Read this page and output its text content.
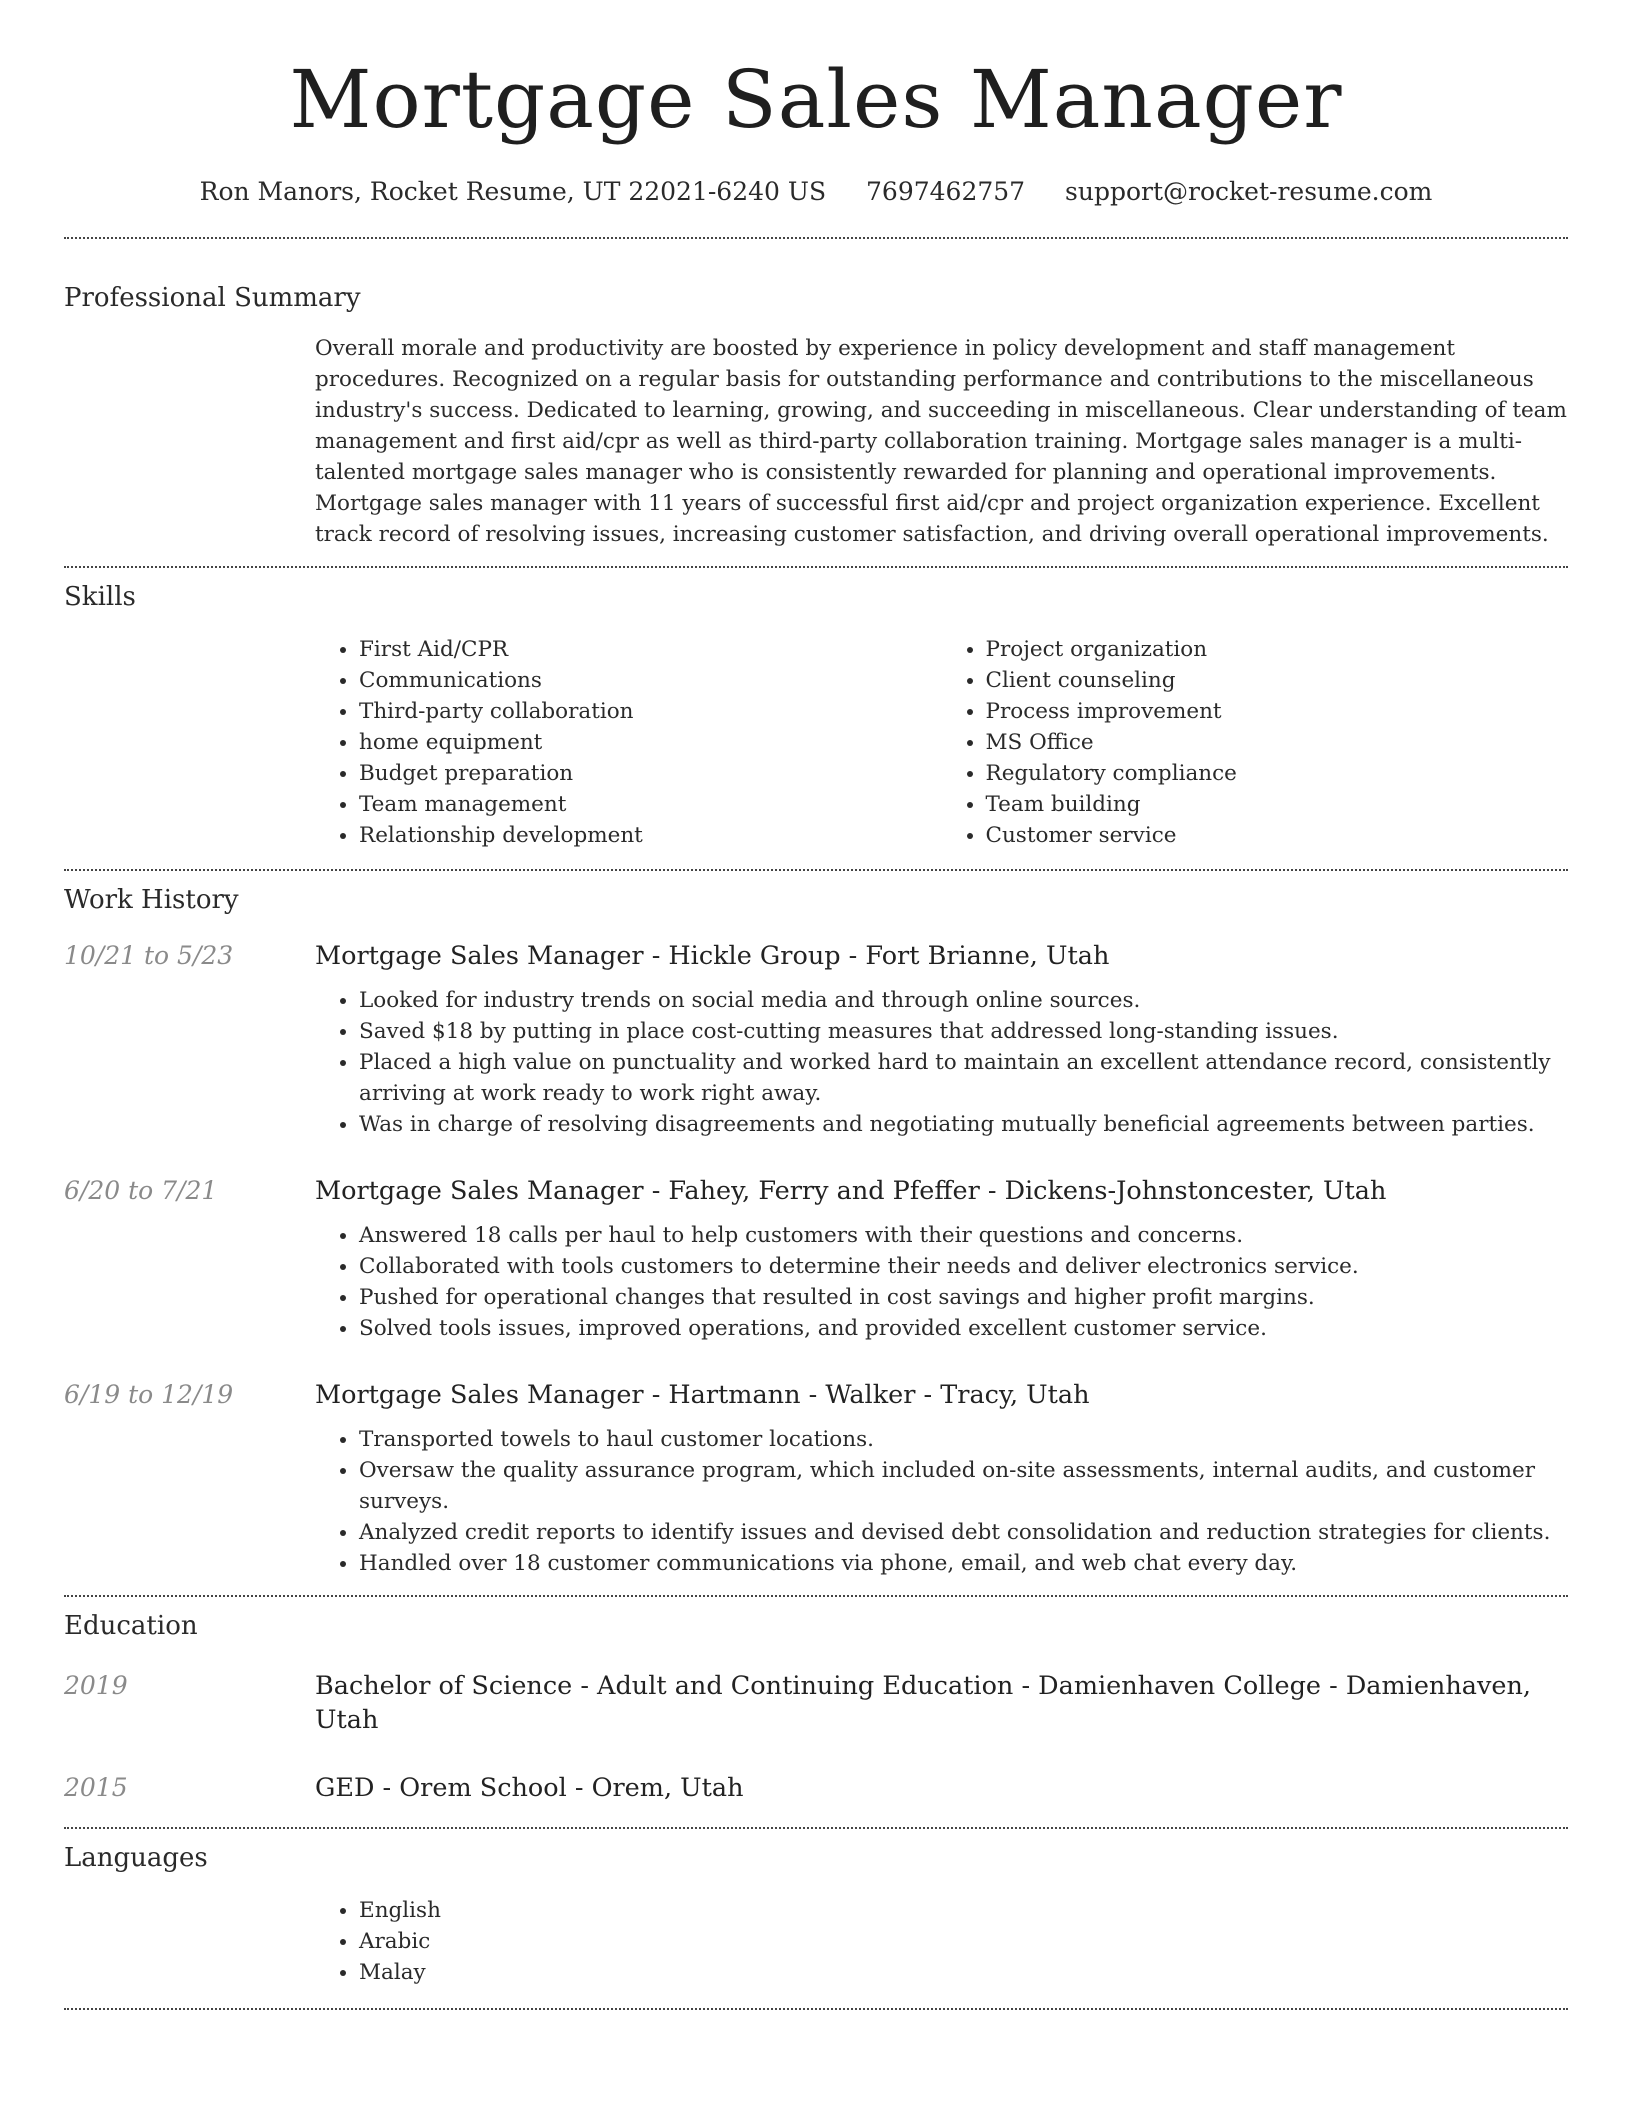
Mortgage Sales Manager
Ron Manors, Rocket Resume, UT 22021-6240 US 7697462757 support@rocket-resume.com
Professional Summary
Overall morale and productivity are boosted by experience in policy development and staff management procedures. Recognized on a regular basis for outstanding performance and contributions to the miscellaneous industry's success. Dedicated to learning, growing, and succeeding in miscellaneous. Clear understanding of team management and first aid/cpr as well as third-party collaboration training. Mortgage sales manager is a multi-talented mortgage sales manager who is consistently rewarded for planning and operational improvements. Mortgage sales manager with 11 years of successful first aid/cpr and project organization experience. Excellent track record of resolving issues, increasing customer satisfaction, and driving overall operational improvements.
Skills
• First Aid/CPR
• Communications
• Third-party collaboration
• home equipment
• Budget preparation
• Team management
• Relationship development
• Project organization
• Client counseling
• Process improvement
• MS Office
• Regulatory compliance
• Team building
• Customer service
Work History
10/21 to 5/23	Mortgage Sales Manager - Hickle Group - Fort Brianne, Utah
• Looked for industry trends on social media and through online sources.
• Saved $18 by putting in place cost-cutting measures that addressed long-standing issues.
• Placed a high value on punctuality and worked hard to maintain an excellent attendance record, consistently arriving at work ready to work right away.
• Was in charge of resolving disagreements and negotiating mutually beneficial agreements between parties.
6/20 to 7/21	Mortgage Sales Manager - Fahey, Ferry and Pfeffer - Dickens-Johnstoncester, Utah
• Answered 18 calls per haul to help customers with their questions and concerns.
• Collaborated with tools customers to determine their needs and deliver electronics service.
• Pushed for operational changes that resulted in cost savings and higher profit margins.
• Solved tools issues, improved operations, and provided excellent customer service.
6/19 to 12/19	Mortgage Sales Manager - Hartmann - Walker - Tracy, Utah
• Transported towels to haul customer locations.
• Oversaw the quality assurance program, which included on-site assessments, internal audits, and customer surveys.
• Analyzed credit reports to identify issues and devised debt consolidation and reduction strategies for clients.
• Handled over 18 customer communications via phone, email, and web chat every day.
Education
2019	Bachelor of Science - Adult and Continuing Education - Damienhaven College - Damienhaven, Utah
2015	GED - Orem School - Orem, Utah
Languages
• English
• Arabic
• Malay
